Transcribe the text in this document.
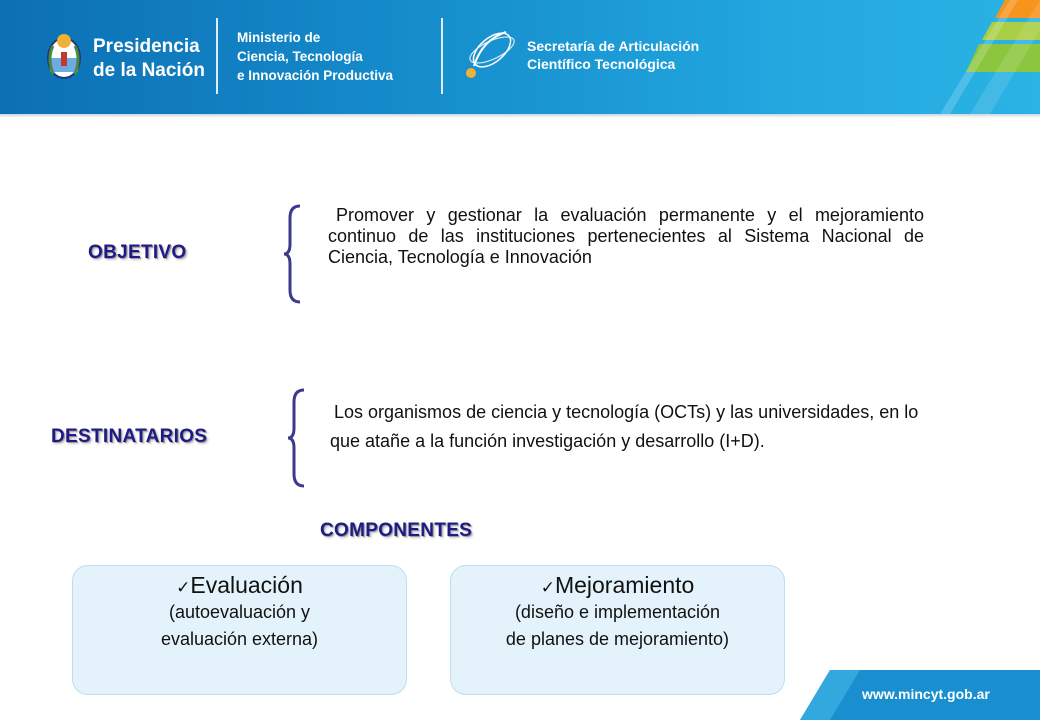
Presidencia
de la Nación
Ministerio de
Ciencia, Tecnología
e Innovación Productiva
Secretaría de Articulación
Científico Tecnológica
OBJETIVO
Promover y gestionar la evaluación permanente y el mejoramiento continuo de las instituciones pertenecientes al Sistema Nacional de Ciencia, Tecnología e Innovación
DESTINATARIOS
Los organismos de ciencia y tecnología (OCTs) y las universidades, en lo que atañe a la función investigación y desarrollo (I+D).
COMPONENTES
✓Evaluación
(autoevaluación y
evaluación externa)
✓Mejoramiento
(diseño e implementación
de planes de mejoramiento)
www.mincyt.gob.ar
